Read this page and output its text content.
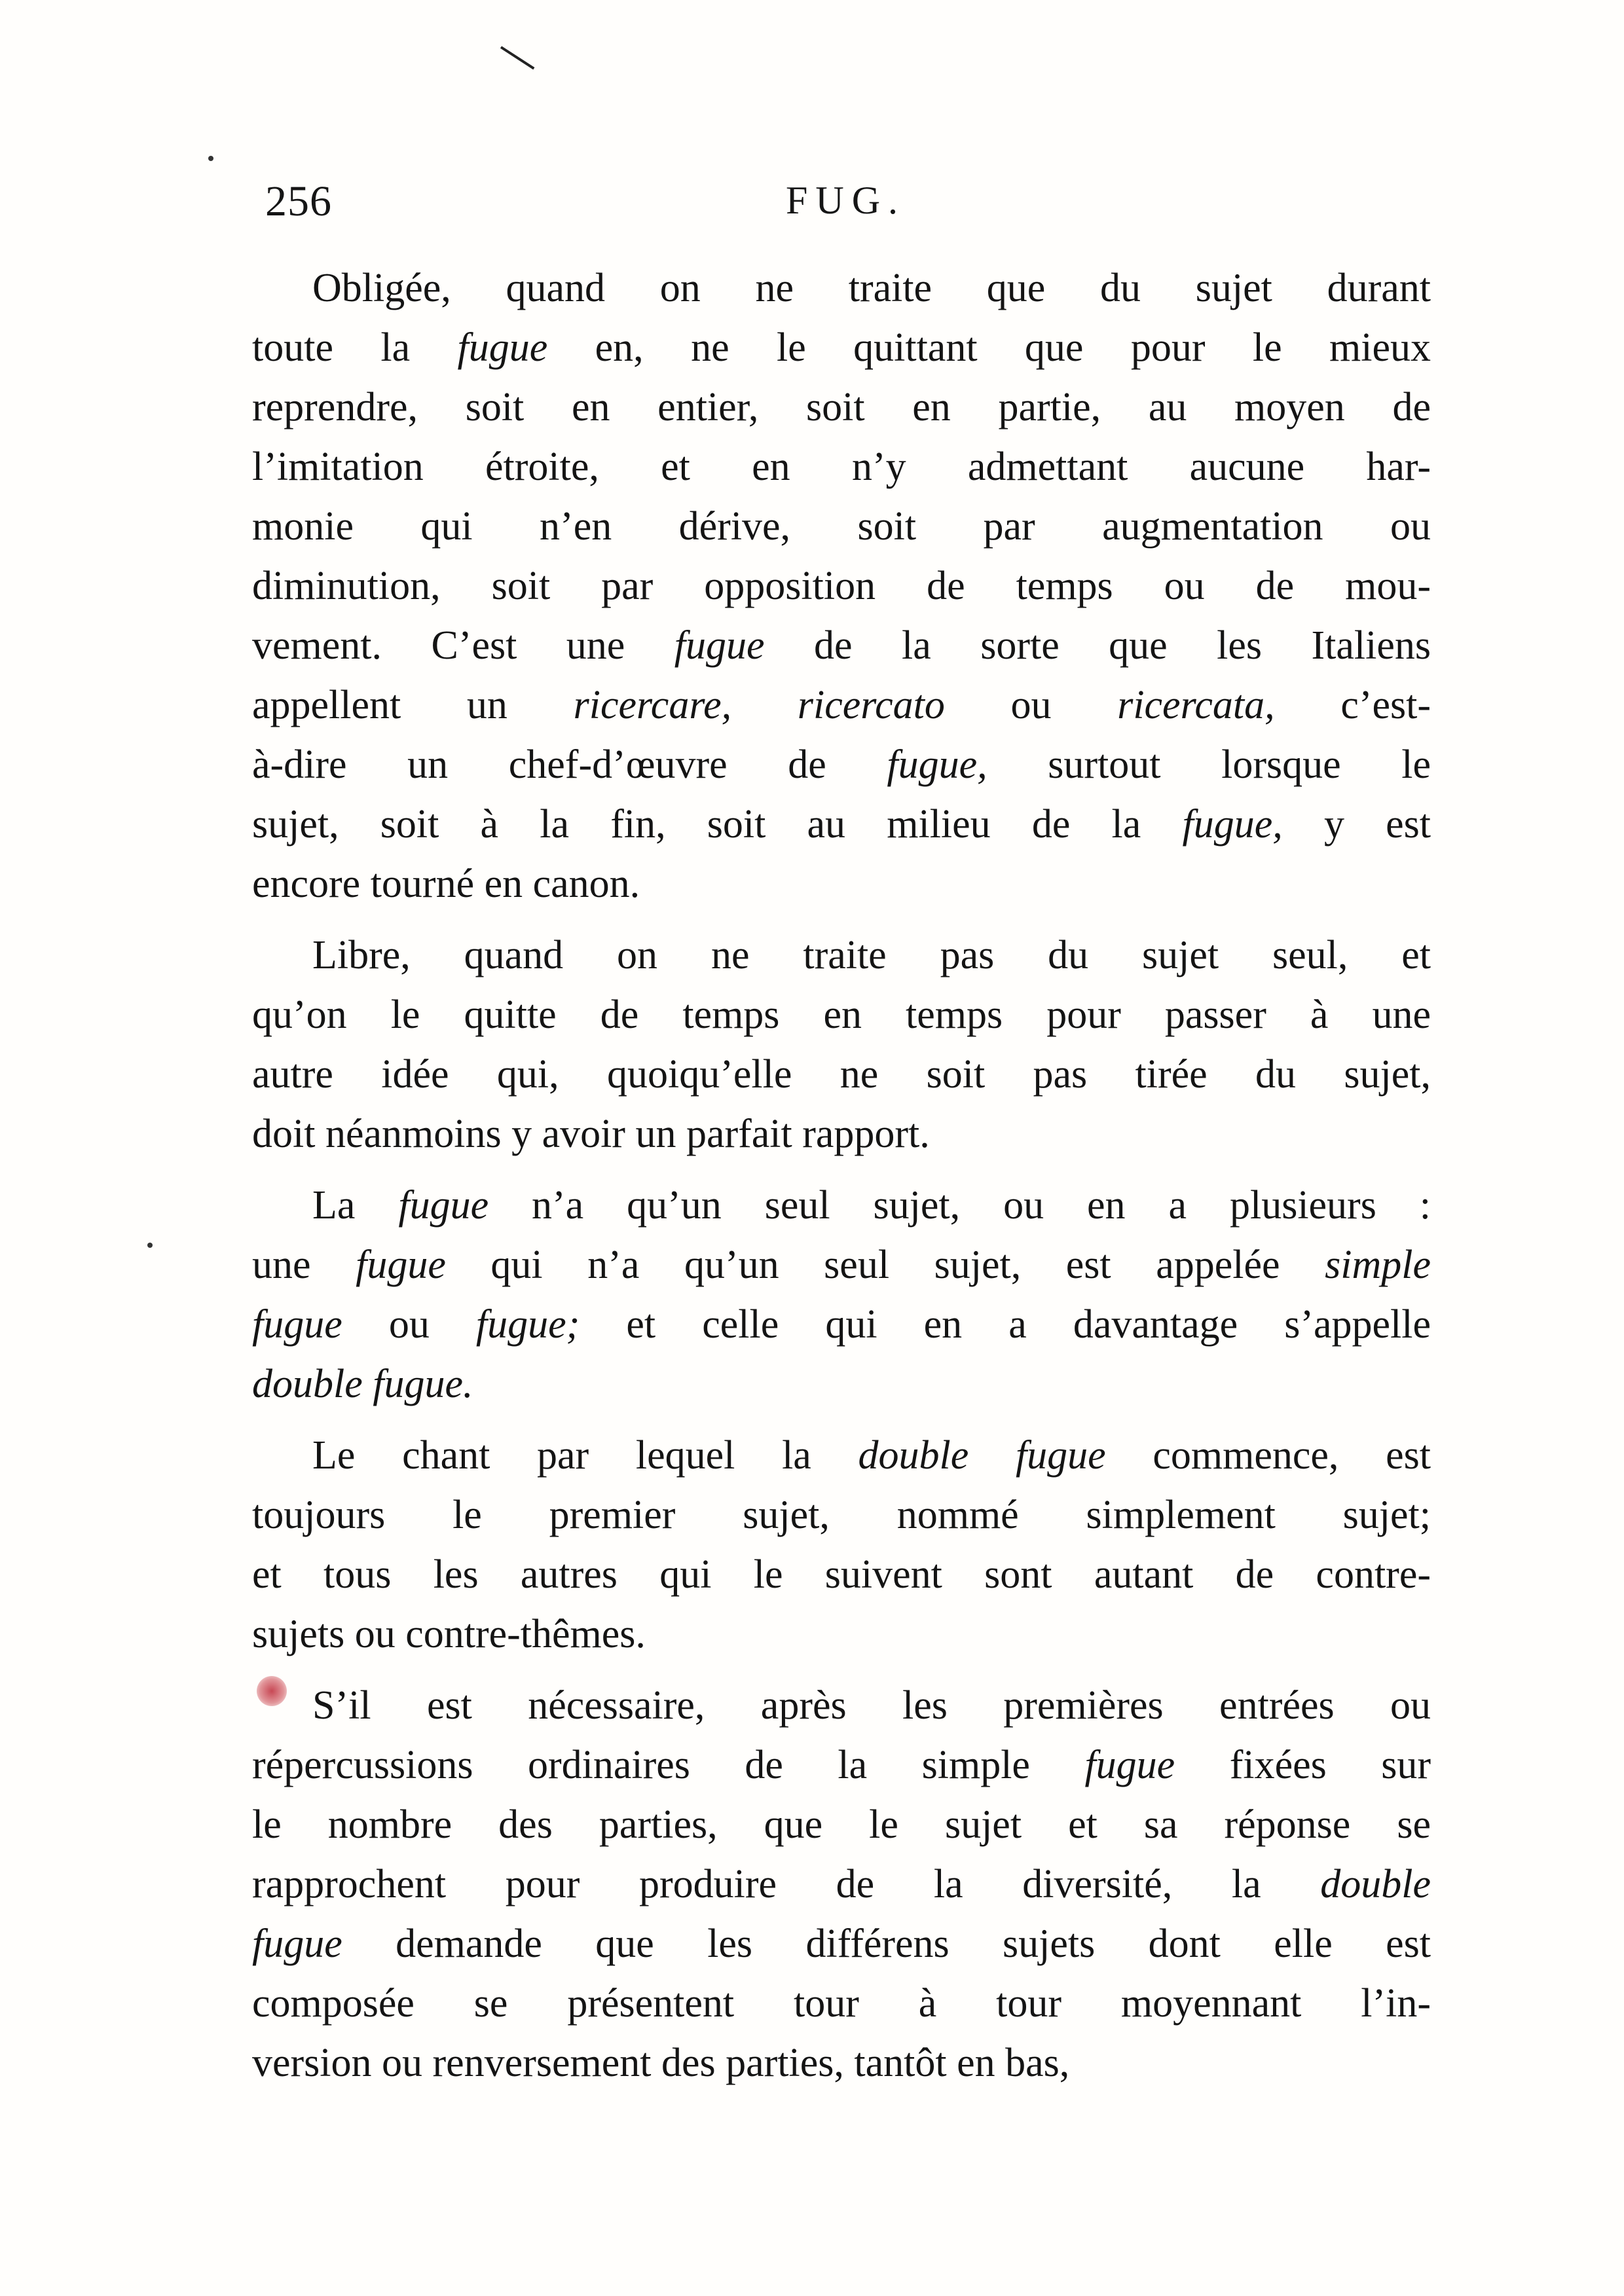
256	FUG.
Obligée, quand on ne traite que du sujet durant
toute la fugue en, ne le quittant que pour le mieux
reprendre, soit en entier, soit en partie, au moyen de
l’imitation étroite, et en n’y admettant aucune har-
monie qui n’en dérive, soit par augmentation ou
diminution, soit par opposition de temps ou de mou-
vement. C’est une fugue de la sorte que les Italiens
appellent un ricercare, ricercato ou ricercata, c’est-
à-dire un chef-d’œuvre de fugue, surtout lorsque le
sujet, soit à la fin, soit au milieu de la fugue, y est
encore tourné en canon.
Libre, quand on ne traite pas du sujet seul, et
qu’on le quitte de temps en temps pour passer à une
autre idée qui, quoiqu’elle ne soit pas tirée du sujet,
doit néanmoins y avoir un parfait rapport.
La fugue n’a qu’un seul sujet, ou en a plusieurs :
une fugue qui n’a qu’un seul sujet, est appelée simple
fugue ou fugue; et celle qui en a davantage s’appelle
double fugue.
Le chant par lequel la double fugue commence, est
toujours le premier sujet, nommé simplement sujet;
et tous les autres qui le suivent sont autant de contre-
sujets ou contre-thêmes.
S’il est nécessaire, après les premières entrées ou
répercussions ordinaires de la simple fugue fixées sur
le nombre des parties, que le sujet et sa réponse se
rapprochent pour produire de la diversité, la double
fugue demande que les différens sujets dont elle est
composée se présentent tour à tour moyennant l’in-
version ou renversement des parties, tantôt en bas,
